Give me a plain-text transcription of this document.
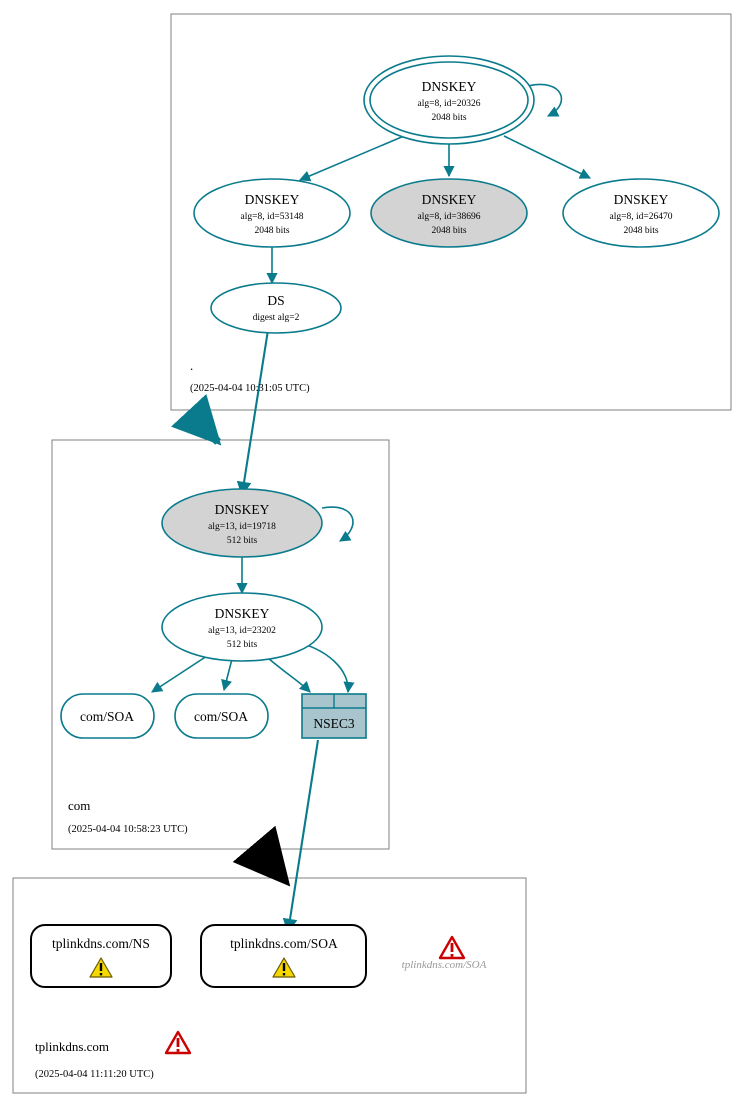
DNSKEY
alg=8, id=20326
2048 bits
DNSKEY
alg=8, id=53148
2048 bits
DNSKEY
alg=8, id=38696
2048 bits
DNSKEY
alg=8, id=26470
2048 bits
DS
digest alg=2
.
(2025-04-04 10:31:05 UTC)
DNSKEY
alg=13, id=19718
512 bits
DNSKEY
alg=13, id=23202
512 bits
com/SOA	com/SOA	NSEC3
com
(2025-04-04 10:58:23 UTC)
tplinkdns.com/NS	tplinkdns.com/SOA
tplinkdns.com/SOA
tplinkdns.com
(2025-04-04 11:11:20 UTC)
